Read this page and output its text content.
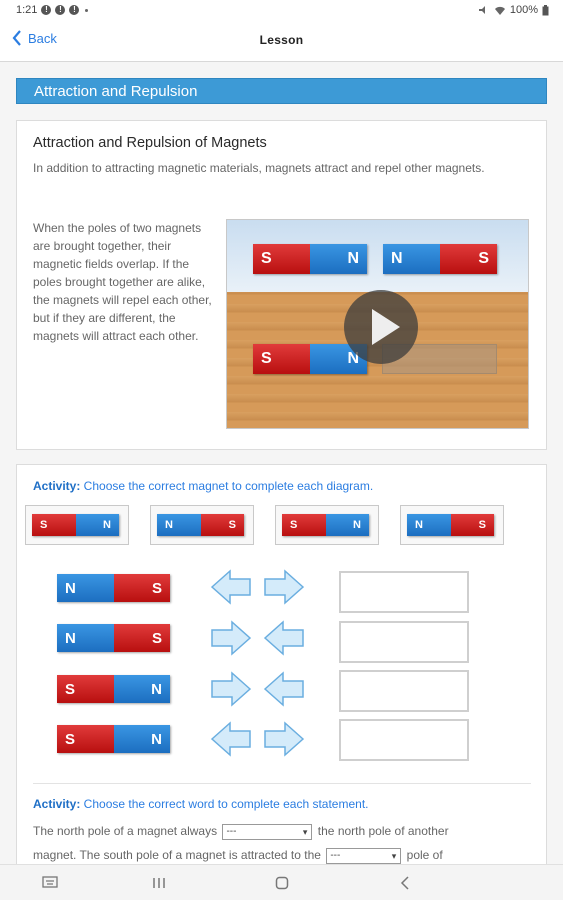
1:21 !	!	!	100%
Back	Lesson
Attraction and Repulsion
Attraction and Repulsion of Magnets
In addition to attracting magnetic materials, magnets attract and repel other magnets.
When the poles of two magnets are brought together, their magnetic fields overlap. If the poles brought together are alike, the magnets will repel each other, but if they are different, the magnets will attract each other.
S	N	N	S
S	N
Activity: Choose the correct magnet to complete each diagram.
S	N	N	S	S	N	N	S
N	S
N	S
S	N
S	N
Activity: Choose the correct word to complete each statement.
The north pole of a magnet always --- ▾	the north pole of another
magnet. The south pole of a magnet is attracted to the --- ▾	pole of
